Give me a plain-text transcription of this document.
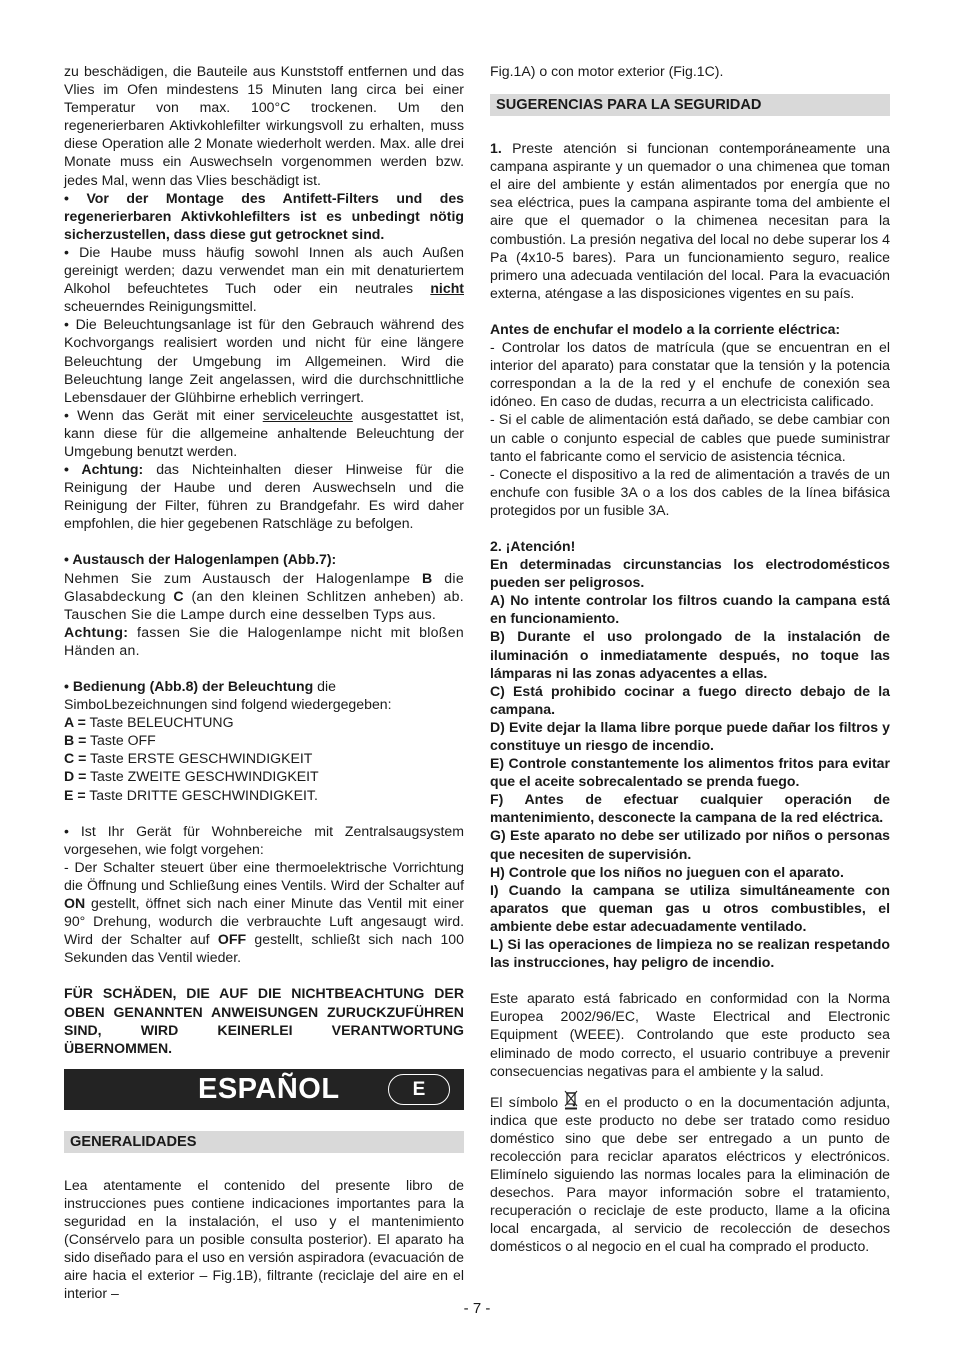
zu beschädigen, die Bauteile aus Kunststoff entfernen und das Vlies im Ofen mindestens 15 Minuten lang circa bei einer Temperatur von max. 100°C trockenen. Um den regenerierbaren Aktivkohlefilter wirkungsvoll zu erhalten, muss diese Operation alle 2 Monate wiederholt werden. Max. alle drei Monate muss ein Auswechseln vorgenommen werden bzw. jedes Mal, wenn das Vlies beschädigt ist.

• Vor der Montage des Antifett-Filters und des regenerierbaren Aktivkohlefilters ist es unbedingt nötig sicherzustellen, dass diese gut getrocknet sind.

• Die Haube muss häufig sowohl Innen als auch Außen gereinigt werden; dazu verwendet man ein mit denaturiertem Alkohol befeuchtetes Tuch oder ein neutrales nicht scheuerndes Reinigungsmittel.

• Die Beleuchtungsanlage ist für den Gebrauch während des Kochvorgangs realisiert worden und nicht für eine längere Beleuchtung der Umgebung im Allgemeinen. Wird die Beleuchtung lange Zeit angelassen, wird die durchschnittliche Lebensdauer der Glühbirne erheblich verringert.

• Wenn das Gerät mit einer serviceleuchte ausgestattet ist, kann diese für die allgemeine anhaltende Beleuchtung der Umgebung benutzt werden.

• Achtung: das Nichteinhalten dieser Hinweise für die Reinigung der Haube und deren Auswechseln und die Reinigung der Filter, führen zu Brandgefahr. Es wird daher empfohlen, die hier gegebenen Ratschläge zu befolgen.

• Austausch der Halogenlampen (Abb.7):

Nehmen Sie zum Austausch der Halogenlampe B die Glasabdeckung C (an den kleinen Schlitzen anheben) ab. Tauschen Sie die Lampe durch eine desselben Typs aus.
Achtung: fassen Sie die Halogenlampe nicht mit bloßen Händen an.

• Bedienung (Abb.8) der Beleuchtung die SimboLbezeichnungen sind folgend wiedergegeben:

A = Taste BELEUCHTUNG

B = Taste OFF

C = Taste ERSTE GESCHWINDIGKEIT

D = Taste ZWEITE GESCHWINDIGKEIT

E = Taste DRITTE GESCHWINDIGKEIT.

• Ist Ihr Gerät für Wohnbereiche mit Zentralsaugsystem vorgesehen, wie folgt vorgehen:

- Der Schalter steuert über eine thermoelektrische Vorrichtung die Öffnung und Schließung eines Ventils. Wird der Schalter auf ON gestellt, öffnet sich nach einer Minute das Ventil mit einer 90° Drehung, wodurch die verbrauchte Luft angesaugt wird. Wird der Schalter auf OFF gestellt, schließt sich nach 100 Sekunden das Ventil wieder.

FÜR SCHÄDEN, DIE AUF DIE NICHTBEACHTUNG DER OBEN GENANNTEN ANWEISUNGEN ZURUCKZUFÜHREN SIND, WIRD KEINERLEI VERANTWORTUNG ÜBERNOMMEN.

ESPAÑOL	E

GENERALIDADES

Lea atentamente el contenido del presente libro de instrucciones pues contiene indicaciones importantes para la seguridad en la instalación, el uso y el mantenimiento (Consérvelo para un posible consulta posterior). El aparato ha sido diseñado para el uso en versión aspiradora (evacuación de aire hacia el exterior – Fig.1B), filtrante (reciclaje del aire en el interior –

Fig.1A) o con motor exterior (Fig.1C).

SUGERENCIAS PARA LA SEGURIDAD

1. Preste atención si funcionan contemporáneamente una campana aspirante y un quemador o una chimenea que toman el aire del ambiente y están alimentados por energía que no sea eléctrica, pues la campana aspirante toma del ambiente el aire que el quemador o la chimenea necesitan para la combustión. La presión negativa del local no debe superar los 4 Pa (4x10-5 bares). Para un funcionamiento seguro, realice primero una adecuada ventilación del local. Para la evacuación externa, aténgase a las disposiciones vigentes en su país.

Antes de enchufar el modelo a la corriente eléctrica:

- Controlar los datos de matrícula (que se encuentran en el interior del aparato) para constatar que la tensión y la potencia correspondan a la de la red y el enchufe de conexión sea idóneo. En caso de dudas, recurra a un electricista calificado.

- Si el cable de alimentación está dañado, se debe cambiar con un cable o conjunto especial de cables que puede suministrar tanto el fabricante como el servicio de asistencia técnica.

- Conecte el dispositivo a la red de alimentación a través de un enchufe con fusible 3A o a los dos cables de la línea bifásica protegidos por un fusible 3A.

2. ¡Atención!

En determinadas circunstancias los electrodomésticos pueden ser peligrosos.

A) No intente controlar los filtros cuando la campana está en funcionamiento.

B) Durante el uso prolongado de la instalación de iluminación o inmediatamente después, no toque las lámparas ni las zonas adyacentes a ellas.

C) Está prohibido cocinar a fuego directo debajo de la campana.

D) Evite dejar la llama libre porque puede dañar los filtros y constituye un riesgo de incendio.

E) Controle constantemente los alimentos fritos para evitar que el aceite sobrecalentado se prenda fuego.

F) Antes de efectuar cualquier operación de mantenimiento, desconecte la campana de la red eléctrica.

G) Este aparato no debe ser utilizado por niños o personas que necesiten de supervisión.

H) Controle que los niños no jueguen con el aparato.

I) Cuando la campana se utiliza simultáneamente con aparatos que queman gas u otros combustibles, el ambiente debe estar adecuadamente ventilado.

L) Si las operaciones de limpieza no se realizan respetando las instrucciones, hay peligro de incendio.

Este aparato está fabricado en conformidad con la Norma Europea 2002/96/EC, Waste Electrical and Electronic Equipment (WEEE). Controlando que este producto sea eliminado de modo correcto, el usuario contribuye a prevenir consecuencias negativas para el ambiente y la salud.

El símbolo  en el producto o en la documentación adjunta, indica que este producto no debe ser tratado como residuo doméstico sino que debe ser entregado a un punto de recolección para reciclar aparatos eléctricos y electrónicos. Elimínelo siguiendo las normas locales para la eliminación de desechos. Para mayor información sobre el tratamiento, recuperación o reciclaje de este producto, llame a la oficina local encargada, al servicio de recolección de desechos domésticos o al negocio en el cual ha comprado el producto.

- 7 -
